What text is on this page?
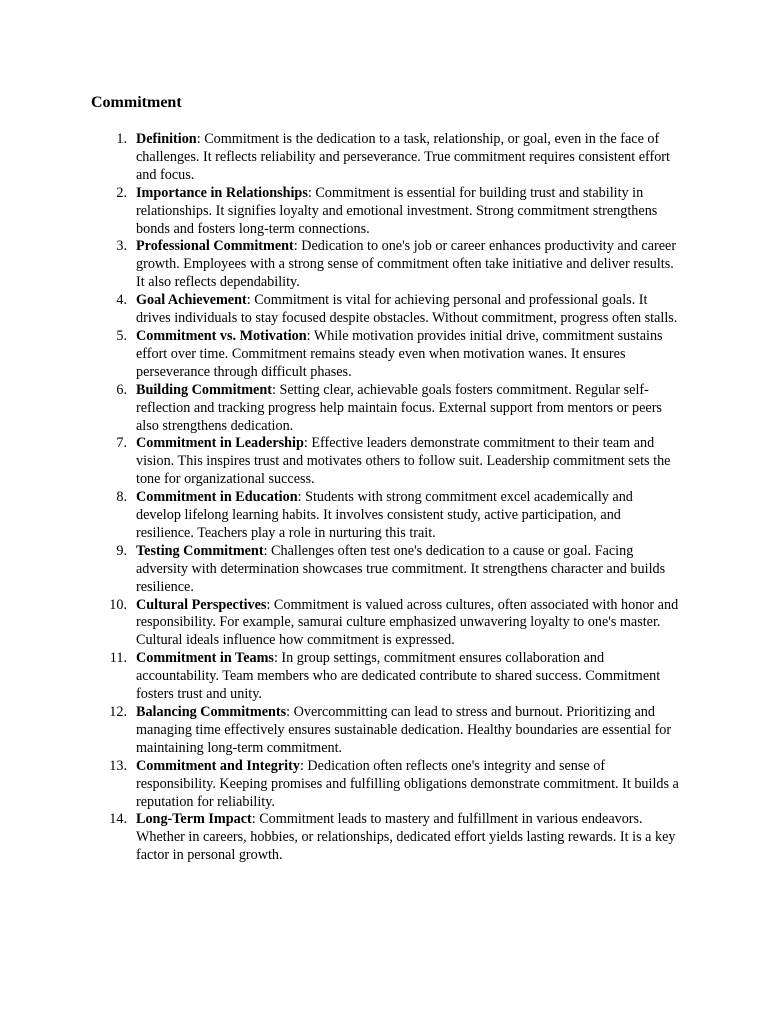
Commitment
1. Definition: Commitment is the dedication to a task, relationship, or goal, even in the face of challenges. It reflects reliability and perseverance. True commitment requires consistent effort and focus.
2. Importance in Relationships: Commitment is essential for building trust and stability in relationships. It signifies loyalty and emotional investment. Strong commitment strengthens bonds and fosters long-term connections.
3. Professional Commitment: Dedication to one's job or career enhances productivity and career growth. Employees with a strong sense of commitment often take initiative and deliver results. It also reflects dependability.
4. Goal Achievement: Commitment is vital for achieving personal and professional goals. It drives individuals to stay focused despite obstacles. Without commitment, progress often stalls.
5. Commitment vs. Motivation: While motivation provides initial drive, commitment sustains effort over time. Commitment remains steady even when motivation wanes. It ensures perseverance through difficult phases.
6. Building Commitment: Setting clear, achievable goals fosters commitment. Regular self-reflection and tracking progress help maintain focus. External support from mentors or peers also strengthens dedication.
7. Commitment in Leadership: Effective leaders demonstrate commitment to their team and vision. This inspires trust and motivates others to follow suit. Leadership commitment sets the tone for organizational success.
8. Commitment in Education: Students with strong commitment excel academically and develop lifelong learning habits. It involves consistent study, active participation, and resilience. Teachers play a role in nurturing this trait.
9. Testing Commitment: Challenges often test one's dedication to a cause or goal. Facing adversity with determination showcases true commitment. It strengthens character and builds resilience.
10. Cultural Perspectives: Commitment is valued across cultures, often associated with honor and responsibility. For example, samurai culture emphasized unwavering loyalty to one's master. Cultural ideals influence how commitment is expressed.
11. Commitment in Teams: In group settings, commitment ensures collaboration and accountability. Team members who are dedicated contribute to shared success. Commitment fosters trust and unity.
12. Balancing Commitments: Overcommitting can lead to stress and burnout. Prioritizing and managing time effectively ensures sustainable dedication. Healthy boundaries are essential for maintaining long-term commitment.
13. Commitment and Integrity: Dedication often reflects one's integrity and sense of responsibility. Keeping promises and fulfilling obligations demonstrate commitment. It builds a reputation for reliability.
14. Long-Term Impact: Commitment leads to mastery and fulfillment in various endeavors. Whether in careers, hobbies, or relationships, dedicated effort yields lasting rewards. It is a key factor in personal growth.
